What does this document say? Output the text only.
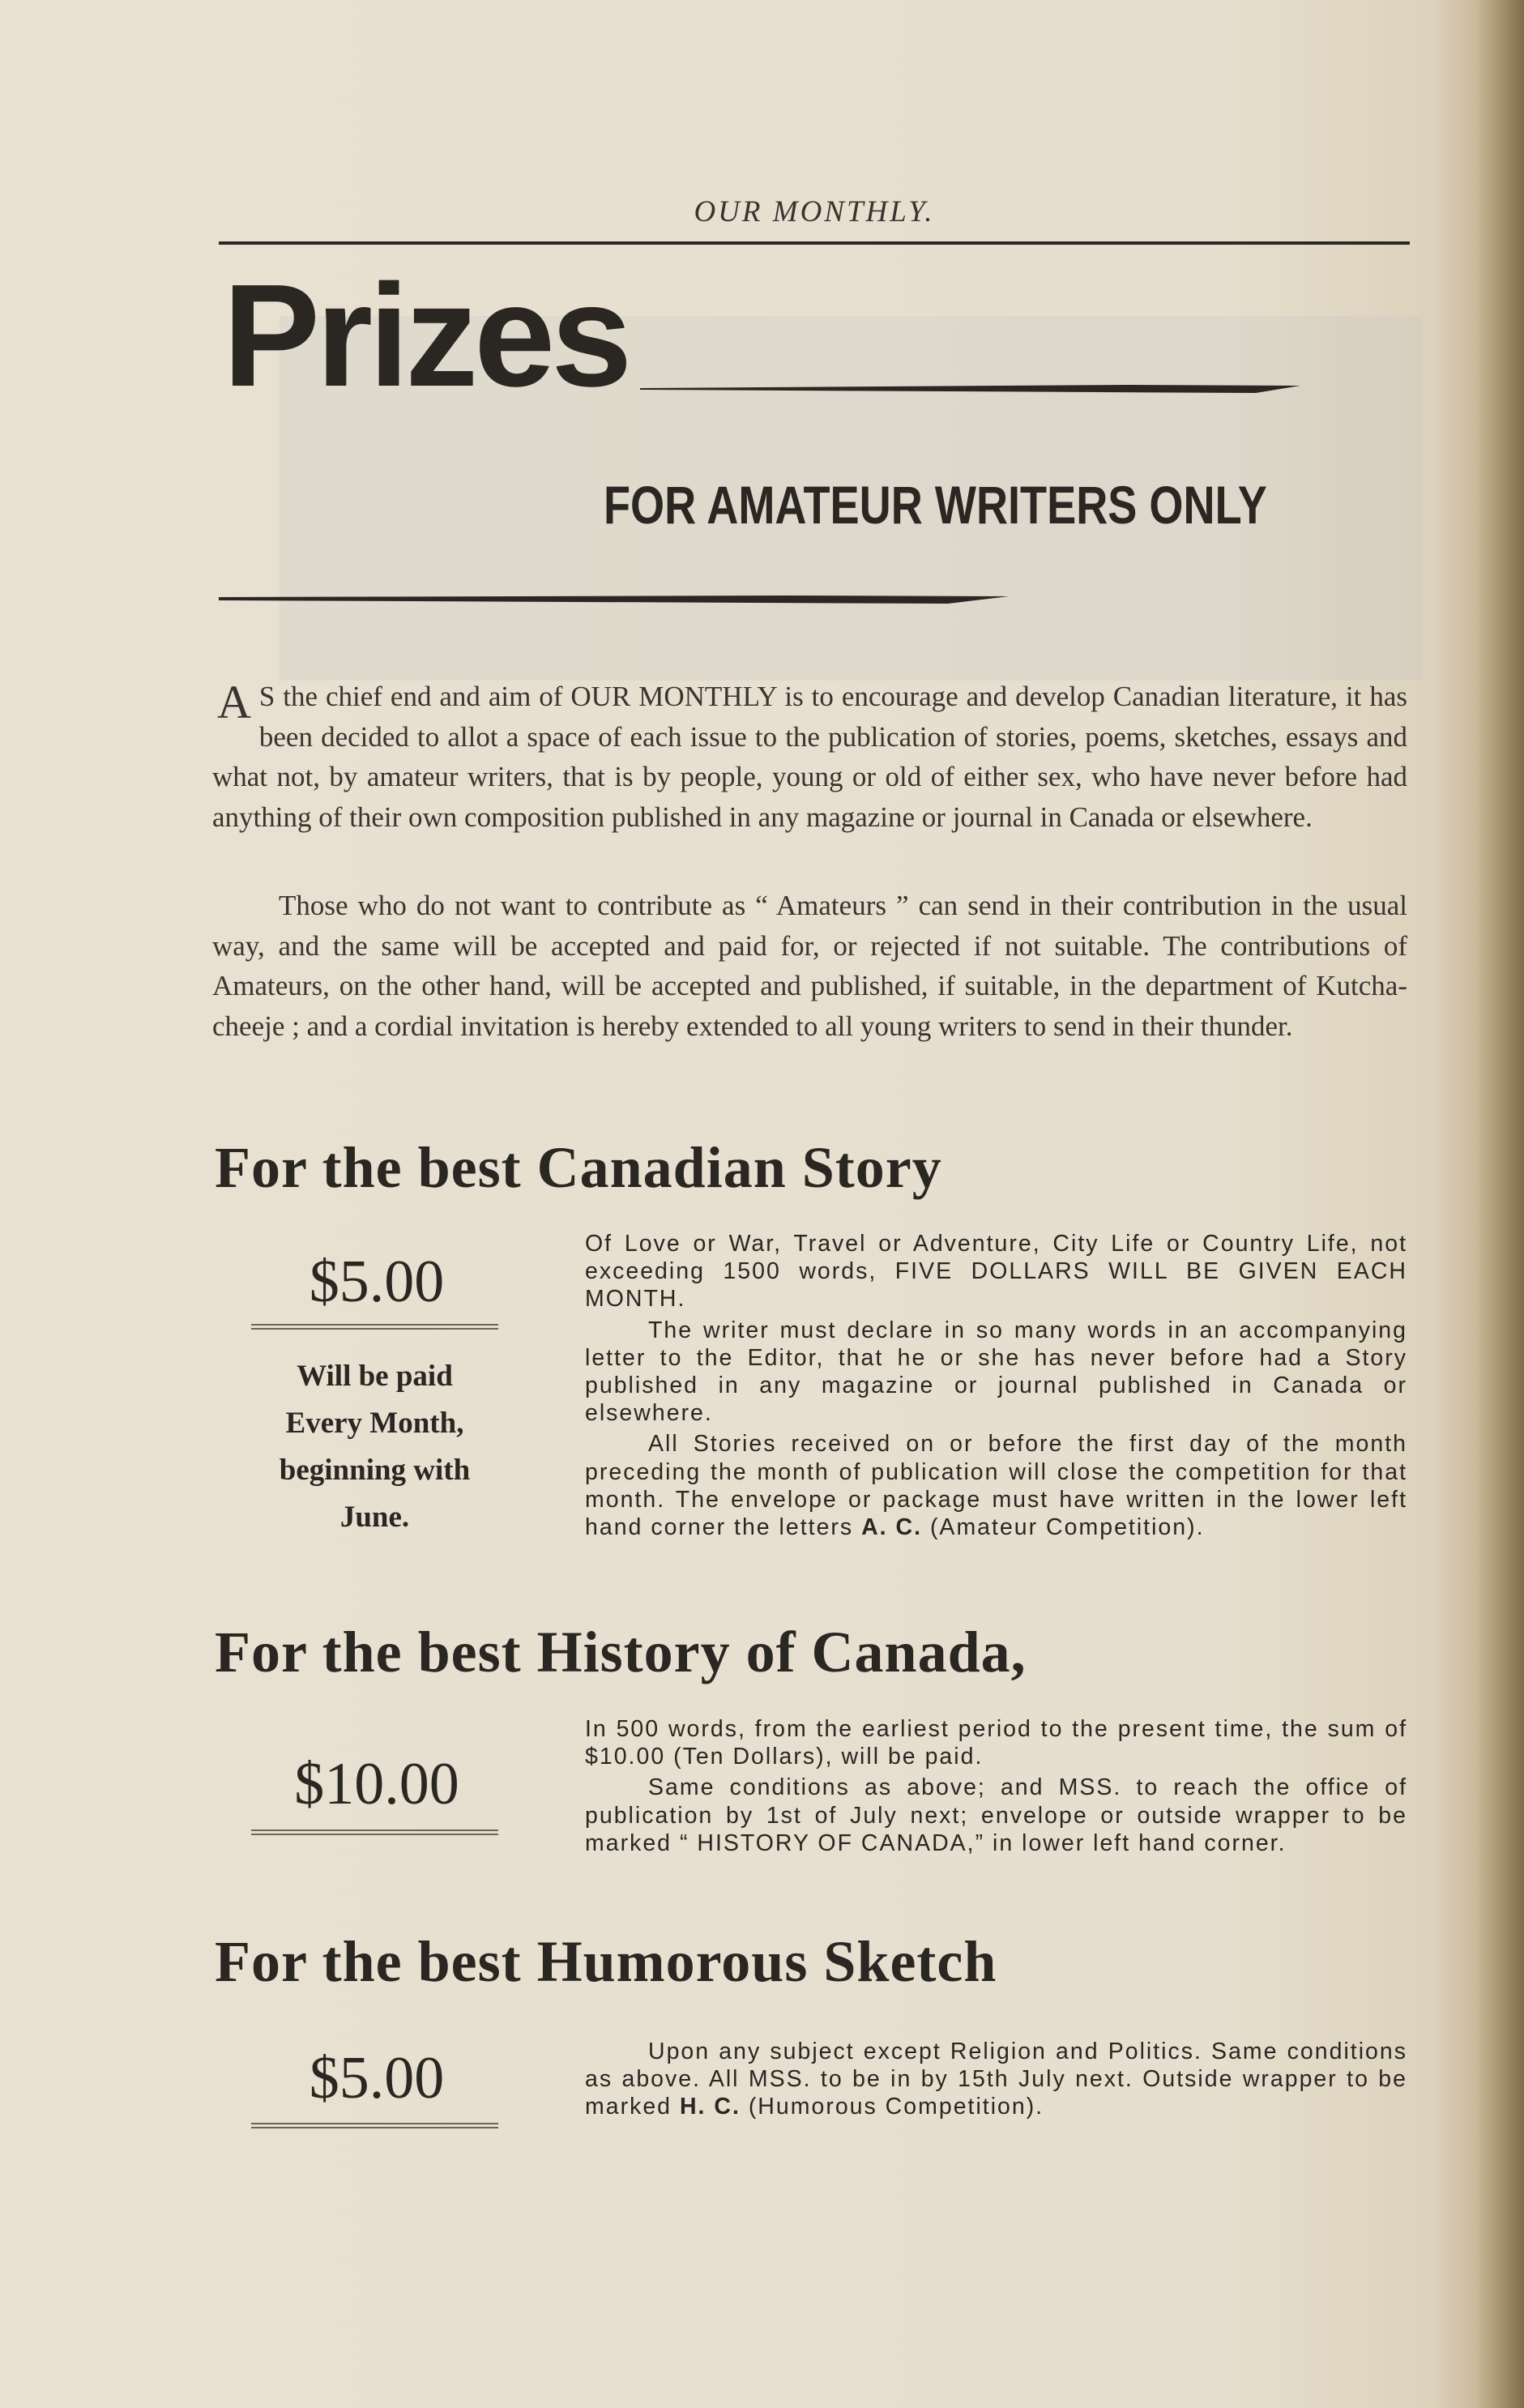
OUR MONTHLY.
Prizes
FOR AMATEUR WRITERS ONLY
A S the chief end and aim of OUR MONTHLY is to encourage and develop Canadian literature, it has been decided to allot a space of each issue to the publication of stories, poems, sketches, essays and what not, by amateur writers, that is by people, young or old of either sex, who have never before had anything of their own composition published in any magazine or journal in Canada or elsewhere.
Those who do not want to contribute as “ Amateurs ” can send in their contribution in the usual way, and the same will be accepted and paid for, or rejected if not suitable. The contributions of Amateurs, on the other hand, will be accepted and published, if suitable, in the department of Kutcha-cheeje ; and a cordial invitation is hereby extended to all young writers to send in their thunder.
For the best Canadian Story
$5.00
Will be paid
Every Month,
beginning with
June.

Of Love or War, Travel or Adventure, City Life or Country Life, not exceeding 1500 words, FIVE DOLLARS WILL BE GIVEN EACH MONTH.

The writer must declare in so many words in an accompanying letter to the Editor, that he or she has never before had a Story published in any magazine or journal published in Canada or elsewhere.

All Stories received on or before the first day of the month preceding the month of publication will close the competition for that month. The envelope or package must have written in the lower left hand corner the letters A. C. (Amateur Competition).

For the best History of Canada,
$10.00

In 500 words, from the earliest period to the present time, the sum of $10.00 (Ten Dollars), will be paid.

Same conditions as above; and MSS. to reach the office of publication by 1st of July next; envelope or outside wrapper to be marked “ HISTORY OF CANADA,” in lower left hand corner.

For the best Humorous Sketch
$5.00	Upon any subject except Religion and Politics. Same conditions as above. All MSS. to be in by 15th July next. Outside wrapper to be marked H. C. (Humorous Competition).
